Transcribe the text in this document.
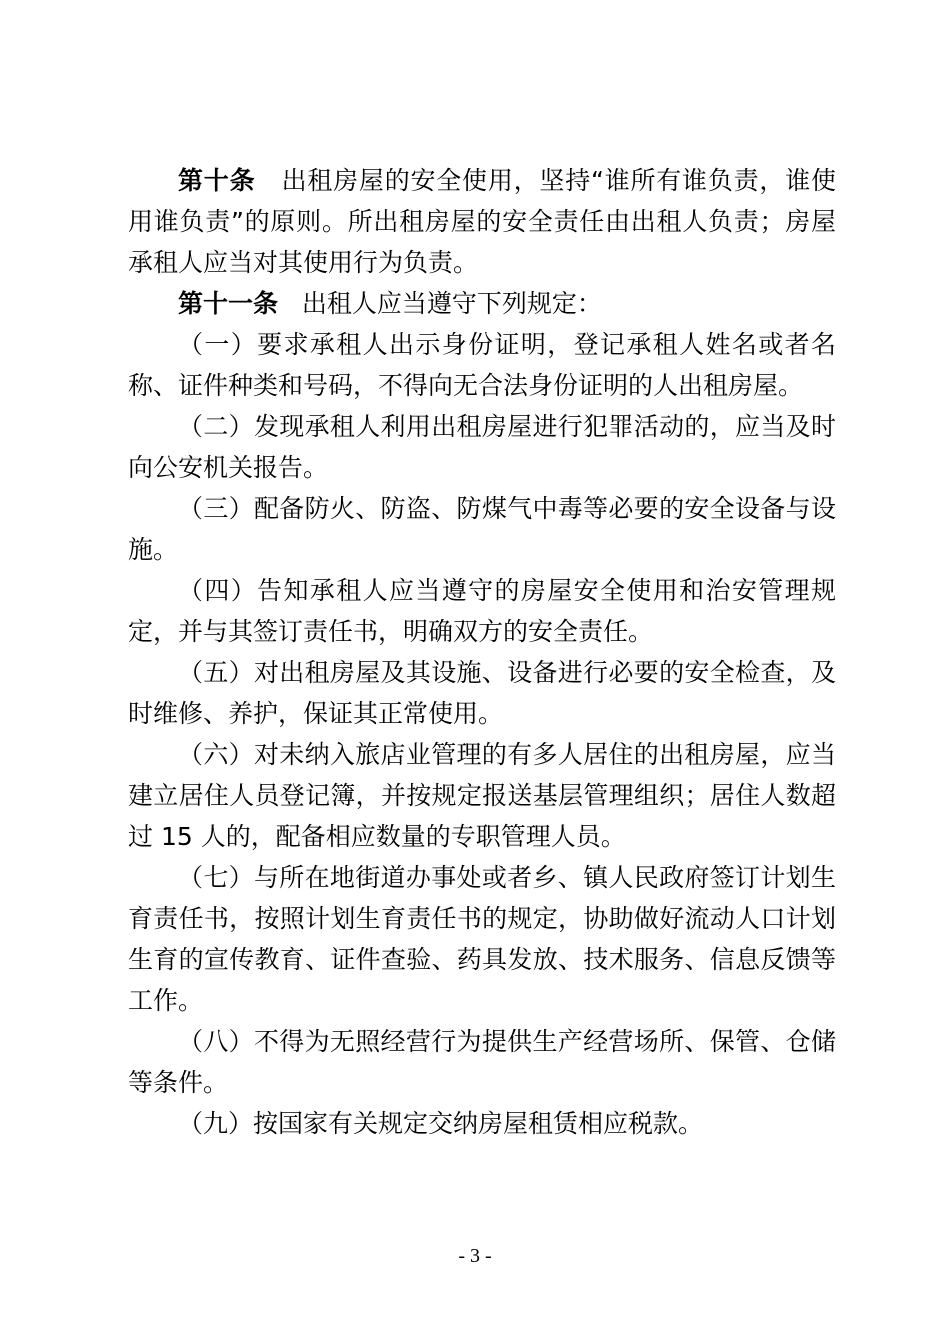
第十条 出租房屋的安全使用，坚持“谁所有谁负责，谁使用谁负责”的原则。所出租房屋的安全责任由出租人负责；房屋承租人应当对其使用行为负责。

第十一条 出租人应当遵守下列规定：

（一）要求承租人出示身份证明，登记承租人姓名或者名称、证件种类和号码，不得向无合法身份证明的人出租房屋。

（二）发现承租人利用出租房屋进行犯罪活动的，应当及时向公安机关报告。

（三）配备防火、防盗、防煤气中毒等必要的安全设备与设施。

（四）告知承租人应当遵守的房屋安全使用和治安管理规定，并与其签订责任书，明确双方的安全责任。

（五）对出租房屋及其设施、设备进行必要的安全检查，及时维修、养护，保证其正常使用。

（六）对未纳入旅店业管理的有多人居住的出租房屋，应当建立居住人员登记簿，并按规定报送基层管理组织；居住人数超过 15 人的，配备相应数量的专职管理人员。

（七）与所在地街道办事处或者乡、镇人民政府签订计划生育责任书，按照计划生育责任书的规定，协助做好流动人口计划生育的宣传教育、证件查验、药具发放、技术服务、信息反馈等工作。

（八）不得为无照经营行为提供生产经营场所、保管、仓储等条件。

（九）按国家有关规定交纳房屋租赁相应税款。

- 3 -
